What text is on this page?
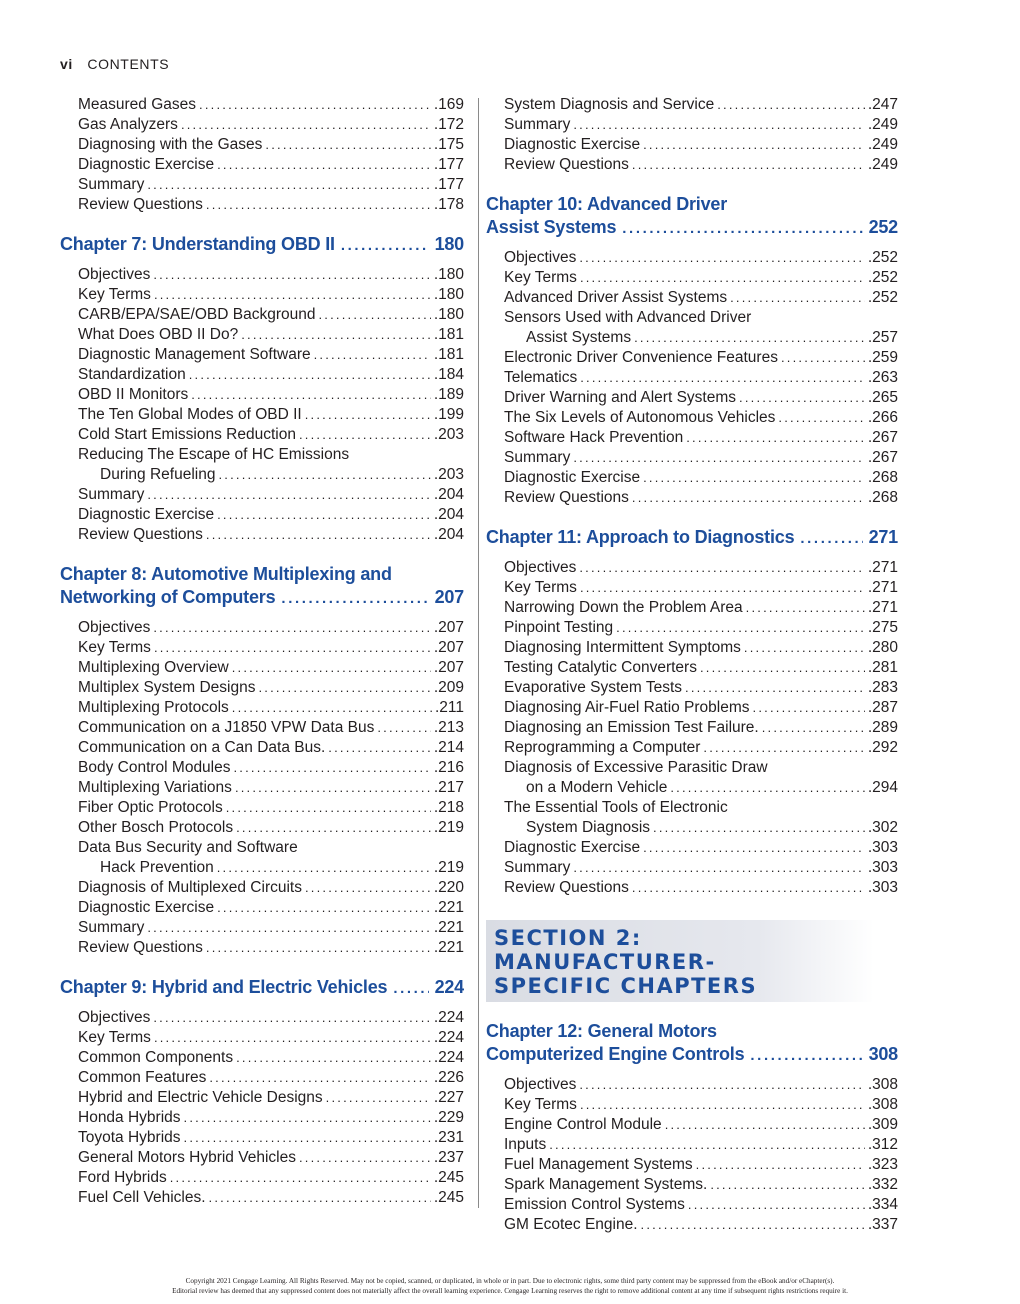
vi CONTENTS
Measured Gases .....	.169
Gas Analyzers .....	.172
Diagnosing with the Gases .....	.175
Diagnostic Exercise .....	.177
Summary .....	.177
Review Questions .....	.178
Chapter 7: Understanding OBD II .....	180
Objectives .....	.180
Key Terms .....	.180
CARB/EPA/SAE/OBD Background .....	.180
What Does OBD II Do? .....	.181
Diagnostic Management Software .....	.181
Standardization .....	.184
OBD II Monitors .....	.189
The Ten Global Modes of OBD II .....	.199
Cold Start Emissions Reduction .....	.203
Reducing The Escape of HC Emissions
During Refueling .....	.203
Summary .....	.204
Diagnostic Exercise .....	.204
Review Questions .....	.204
Chapter 8: Automotive Multiplexing and
Networking of Computers .....	207
Objectives .....	.207
Key Terms .....	.207
Multiplexing Overview .....	.207
Multiplex System Designs .....	.209
Multiplexing Protocols .....	.211
Communication on a J1850 VPW Data Bus .....	.213
Communication on a Can Data Bus. .....	.214
Body Control Modules .....	.216
Multiplexing Variations .....	.217
Fiber Optic Protocols .....	.218
Other Bosch Protocols .....	.219
Data Bus Security and Software
Hack Prevention .....	.219
Diagnosis of Multiplexed Circuits .....	.220
Diagnostic Exercise .....	.221
Summary .....	.221
Review Questions .....	.221
Chapter 9: Hybrid and Electric Vehicles .....	224
Objectives .....	.224
Key Terms .....	.224
Common Components .....	.224
Common Features .....	.226
Hybrid and Electric Vehicle Designs .....	.227
Honda Hybrids .....	.229
Toyota Hybrids .....	.231
General Motors Hybrid Vehicles .....	.237
Ford Hybrids .....	.245
Fuel Cell Vehicles. .....	.245
System Diagnosis and Service .....	.247
Summary .....	.249
Diagnostic Exercise .....	.249
Review Questions .....	.249
Chapter 10: Advanced Driver
Assist Systems .....	252
Objectives .....	.252
Key Terms .....	.252
Advanced Driver Assist Systems .....	.252
Sensors Used with Advanced Driver
Assist Systems .....	.257
Electronic Driver Convenience Features .....	.259
Telematics .....	.263
Driver Warning and Alert Systems .....	.265
The Six Levels of Autonomous Vehicles .....	.266
Software Hack Prevention .....	.267
Summary .....	.267
Diagnostic Exercise .....	.268
Review Questions .....	.268
Chapter 11: Approach to Diagnostics .....	271
Objectives .....	.271
Key Terms .....	.271
Narrowing Down the Problem Area .....	.271
Pinpoint Testing .....	.275
Diagnosing Intermittent Symptoms .....	.280
Testing Catalytic Converters .....	.281
Evaporative System Tests .....	.283
Diagnosing Air-Fuel Ratio Problems .....	.287
Diagnosing an Emission Test Failure. .....	.289
Reprogramming a Computer .....	.292
Diagnosis of Excessive Parasitic Draw
on a Modern Vehicle .....	.294
The Essential Tools of Electronic
System Diagnosis .....	.302
Diagnostic Exercise .....	.303
Summary .....	.303
Review Questions .....	.303
SECTION 2: MANUFACTURER-
SPECIFIC CHAPTERS
Chapter 12: General Motors
Computerized Engine Controls .....	308
Objectives .....	.308
Key Terms .....	.308
Engine Control Module .....	.309
Inputs .....	.312
Fuel Management Systems .....	.323
Spark Management Systems. .....	.332
Emission Control Systems .....	.334
GM Ecotec Engine. .....	.337
Copyright 2021 Cengage Learning. All Rights Reserved. May not be copied, scanned, or duplicated, in whole or in part. Due to electronic rights, some third party content may be suppressed from the eBook and/or eChapter(s).
Editorial review has deemed that any suppressed content does not materially affect the overall learning experience. Cengage Learning reserves the right to remove additional content at any time if subsequent rights restrictions require it.
